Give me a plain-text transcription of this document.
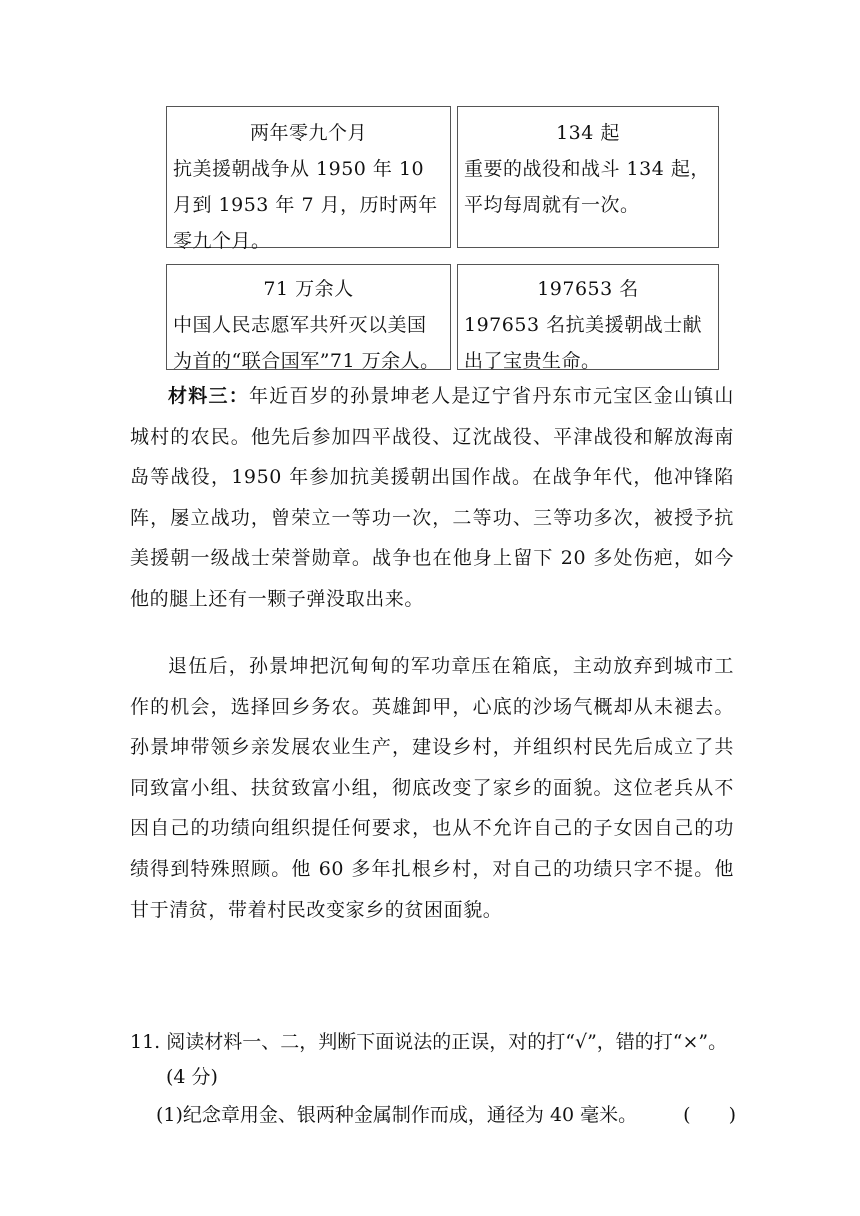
两年零九个月
抗美援朝战争从 1950 年 10 月到 1953 年 7 月，历时两年零九个月。
134 起
重要的战役和战斗 134 起，平均每周就有一次。
71 万余人
中国人民志愿军共歼灭以美国为首的“联合国军”71 万余人。
197653 名
197653 名抗美援朝战士献出了宝贵生命。

材料三：年近百岁的孙景坤老人是辽宁省丹东市元宝区金山镇山城村的农民。他先后参加四平战役、辽沈战役、平津战役和解放海南岛等战役，1950 年参加抗美援朝出国作战。在战争年代，他冲锋陷阵，屡立战功，曾荣立一等功一次，二等功、三等功多次，被授予抗美援朝一级战士荣誉勋章。战争也在他身上留下 20 多处伤疤，如今他的腿上还有一颗子弹没取出来。

退伍后，孙景坤把沉甸甸的军功章压在箱底，主动放弃到城市工作的机会，选择回乡务农。英雄卸甲，心底的沙场气概却从未褪去。孙景坤带领乡亲发展农业生产，建设乡村，并组织村民先后成立了共同致富小组、扶贫致富小组，彻底改变了家乡的面貌。这位老兵从不因自己的功绩向组织提任何要求，也从不允许自己的子女因自己的功绩得到特殊照顾。他 60 多年扎根乡村，对自己的功绩只字不提。他甘于清贫，带着村民改变家乡的贫困面貌。

11. 阅读材料一、二，判断下面说法的正误，对的打“√”，错的打“×”。
(4 分)
(1)纪念章用金、银两种金属制作而成，通径为 40 毫米。 (　　)
